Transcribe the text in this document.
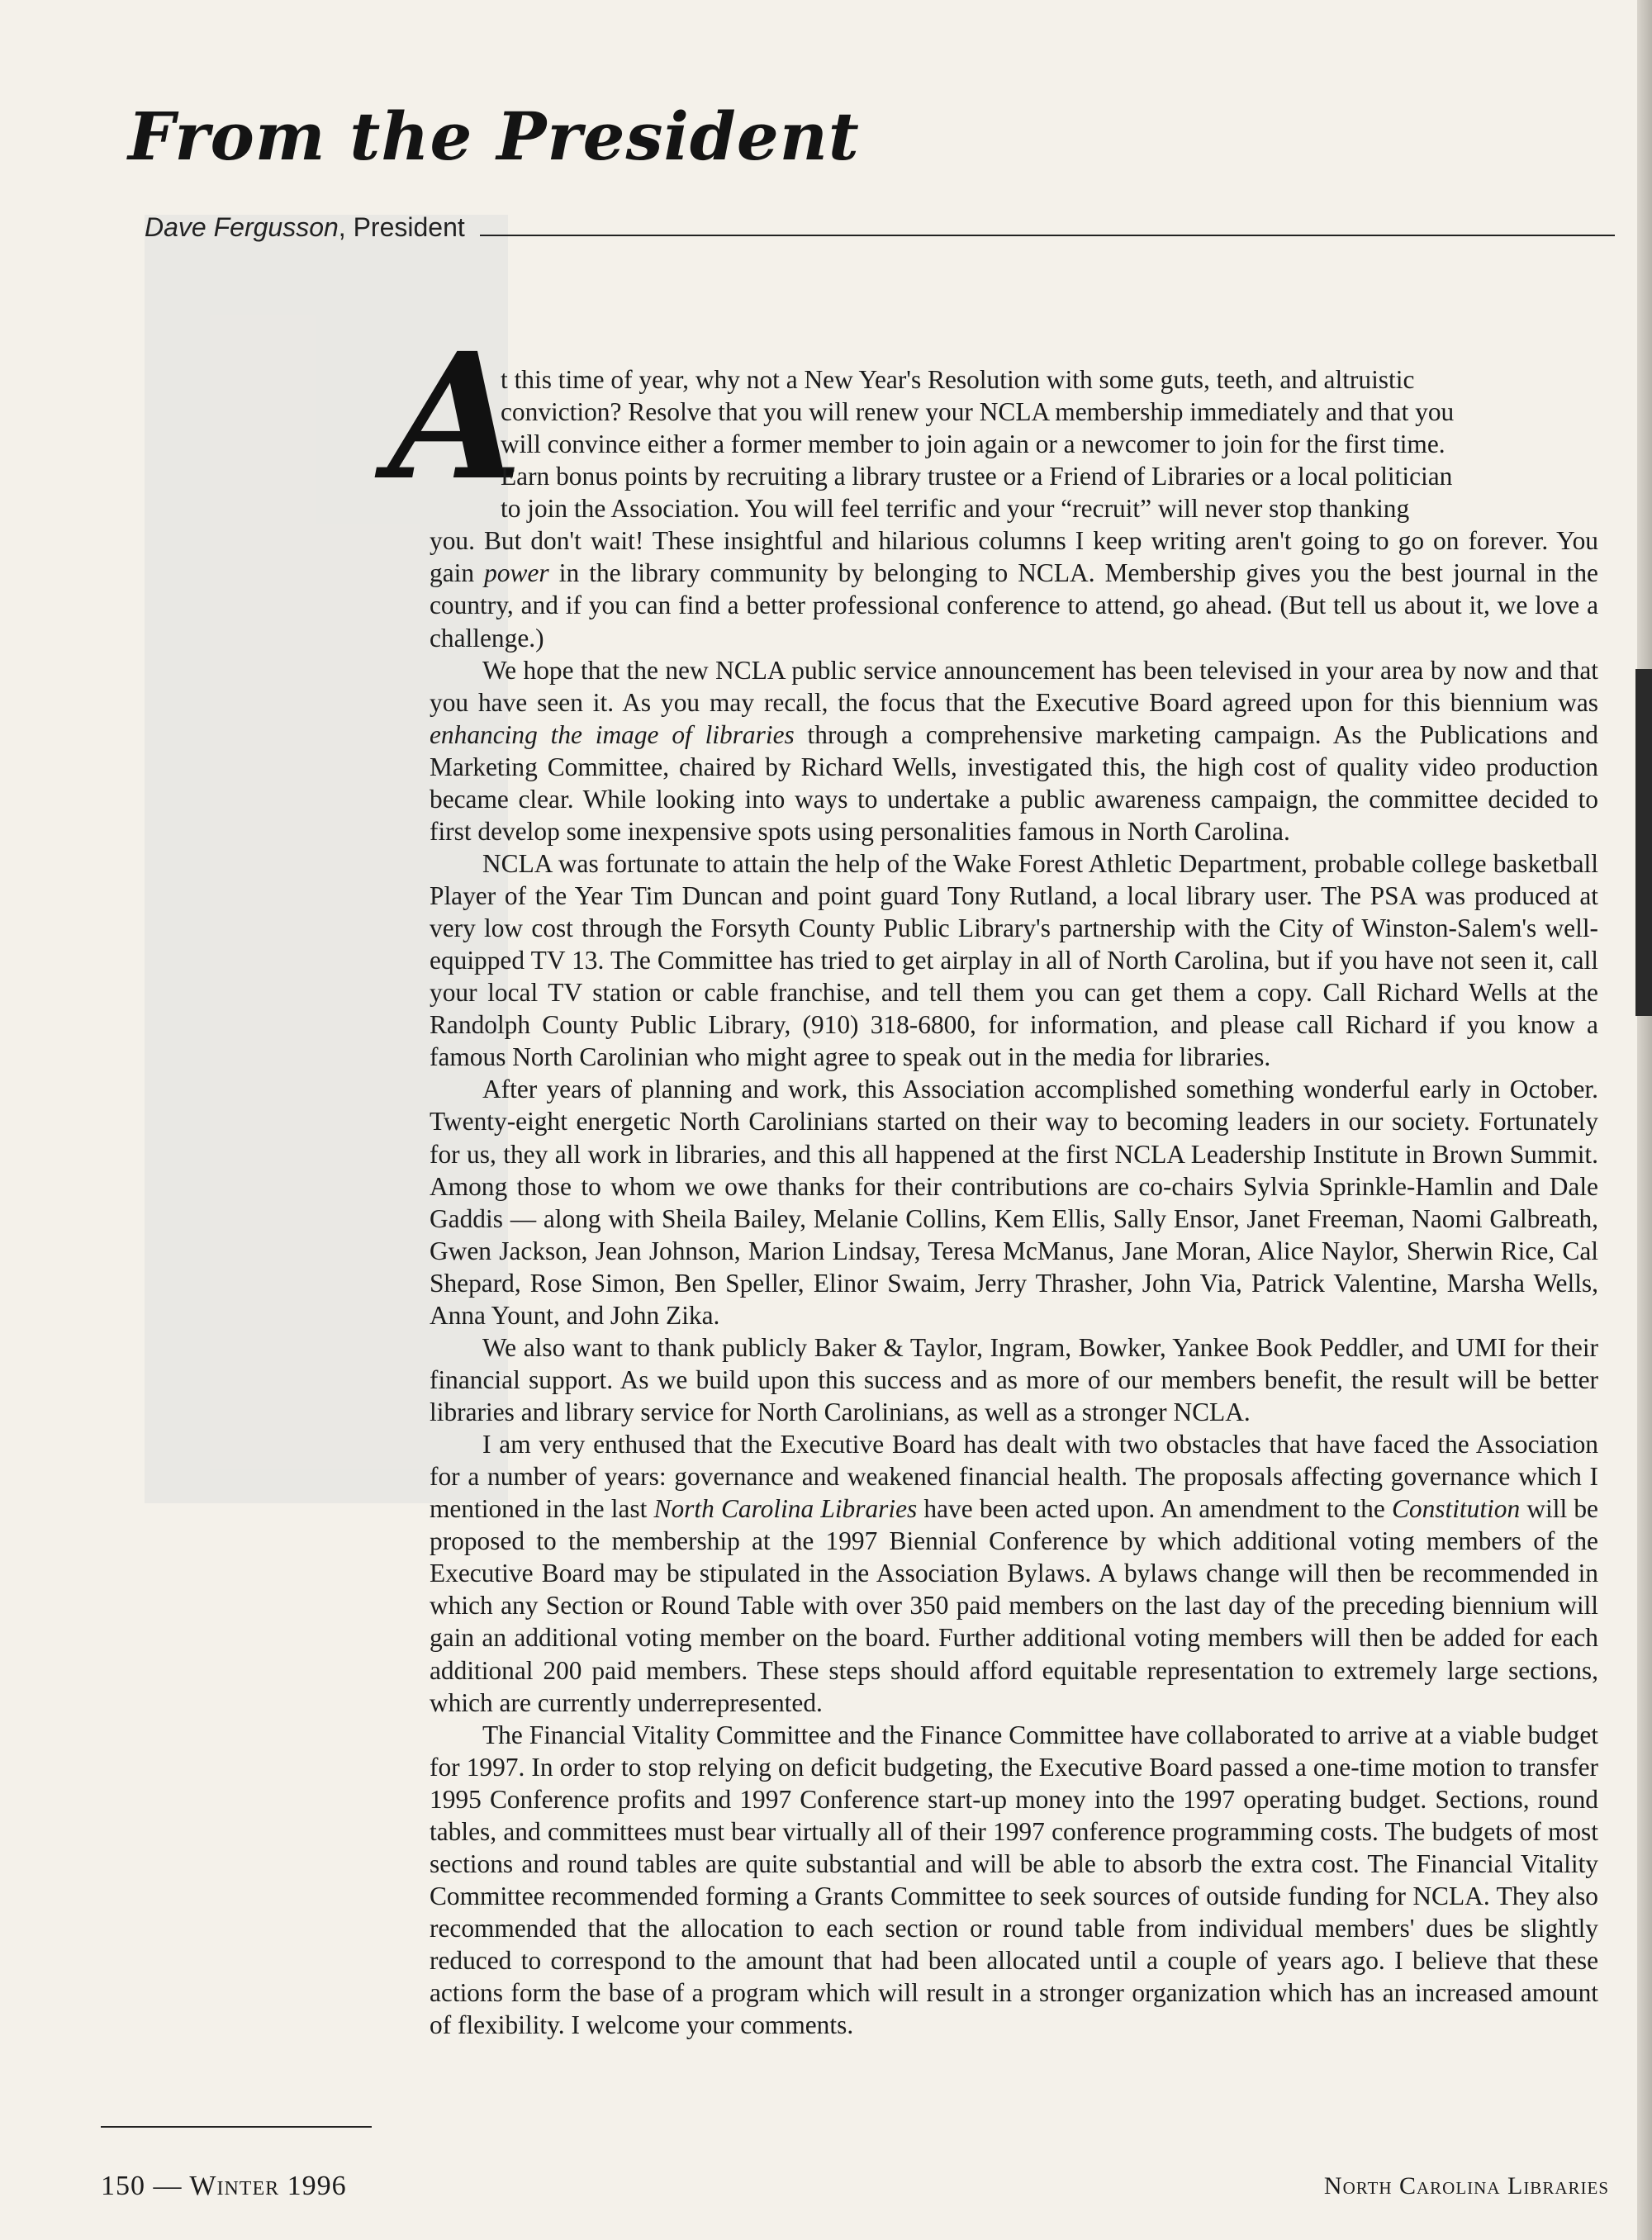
From the President
Dave Fergusson , President
A

t this time of year, why not a New Year's Resolution with some guts, teeth, and altruistic
conviction? Resolve that you will renew your NCLA membership immediately and that you
will convince either a former member to join again or a newcomer to join for the first time.
Earn bonus points by recruiting a library trustee or a Friend of Libraries or a local politician
to join the Association. You will feel terrific and your “recruit” will never stop thanking
you. But don't wait! These insightful and hilarious columns I keep writing aren't going to go on forever. You gain power in the library community by belonging to NCLA. Membership gives you the best journal in the country, and if you can find a better professional conference to attend, go ahead. (But tell us about it, we love a challenge.)

We hope that the new NCLA public service announcement has been televised in your area by now and that you have seen it. As you may recall, the focus that the Executive Board agreed upon for this biennium was enhancing the image of libraries through a comprehensive marketing campaign. As the Publications and Marketing Committee, chaired by Richard Wells, investigated this, the high cost of quality video production became clear. While looking into ways to undertake a public awareness campaign, the committee decided to first develop some inexpensive spots using personalities famous in North Carolina.

NCLA was fortunate to attain the help of the Wake Forest Athletic Department, probable college basketball Player of the Year Tim Duncan and point guard Tony Rutland, a local library user. The PSA was produced at very low cost through the Forsyth County Public Library's partnership with the City of Winston-Salem's well-equipped TV 13. The Committee has tried to get airplay in all of North Carolina, but if you have not seen it, call your local TV station or cable franchise, and tell them you can get them a copy. Call Richard Wells at the Randolph County Public Library, (910) 318-6800, for information, and please call Richard if you know a famous North Carolinian who might agree to speak out in the media for libraries.

After years of planning and work, this Association accomplished something wonderful early in October. Twenty-eight energetic North Carolinians started on their way to becoming leaders in our society. Fortunately for us, they all work in libraries, and this all happened at the first NCLA Leadership Institute in Brown Summit. Among those to whom we owe thanks for their contributions are co-chairs Sylvia Sprinkle-Hamlin and Dale Gaddis — along with Sheila Bailey, Melanie Collins, Kem Ellis, Sally Ensor, Janet Freeman, Naomi Galbreath, Gwen Jackson, Jean Johnson, Marion Lindsay, Teresa McManus, Jane Moran, Alice Naylor, Sherwin Rice, Cal Shepard, Rose Simon, Ben Speller, Elinor Swaim, Jerry Thrasher, John Via, Patrick Valentine, Marsha Wells, Anna Yount, and John Zika.

We also want to thank publicly Baker & Taylor, Ingram, Bowker, Yankee Book Peddler, and UMI for their financial support. As we build upon this success and as more of our members benefit, the result will be better libraries and library service for North Carolinians, as well as a stronger NCLA.

I am very enthused that the Executive Board has dealt with two obstacles that have faced the Association for a number of years: governance and weakened financial health. The proposals affecting governance which I mentioned in the last North Carolina Libraries have been acted upon. An amendment to the Constitution will be proposed to the membership at the 1997 Biennial Conference by which additional voting members of the Executive Board may be stipulated in the Association Bylaws. A bylaws change will then be recommended in which any Section or Round Table with over 350 paid members on the last day of the preceding biennium will gain an additional voting member on the board. Further additional voting members will then be added for each additional 200 paid members. These steps should afford equitable representation to extremely large sections, which are currently underrepresented.

The Financial Vitality Committee and the Finance Committee have collaborated to arrive at a viable budget for 1997. In order to stop relying on deficit budgeting, the Executive Board passed a one-time motion to transfer 1995 Conference profits and 1997 Conference start-up money into the 1997 operating budget. Sections, round tables, and committees must bear virtually all of their 1997 conference programming costs. The budgets of most sections and round tables are quite substantial and will be able to absorb the extra cost. The Financial Vitality Committee recommended forming a Grants Committee to seek sources of outside funding for NCLA. They also recommended that the allocation to each section or round table from individual members' dues be slightly reduced to correspond to the amount that had been allocated until a couple of years ago. I believe that these actions form the base of a program which will result in a stronger organization which has an increased amount of flexibility. I welcome your comments.

150 — Winter 1996	North Carolina Libraries
